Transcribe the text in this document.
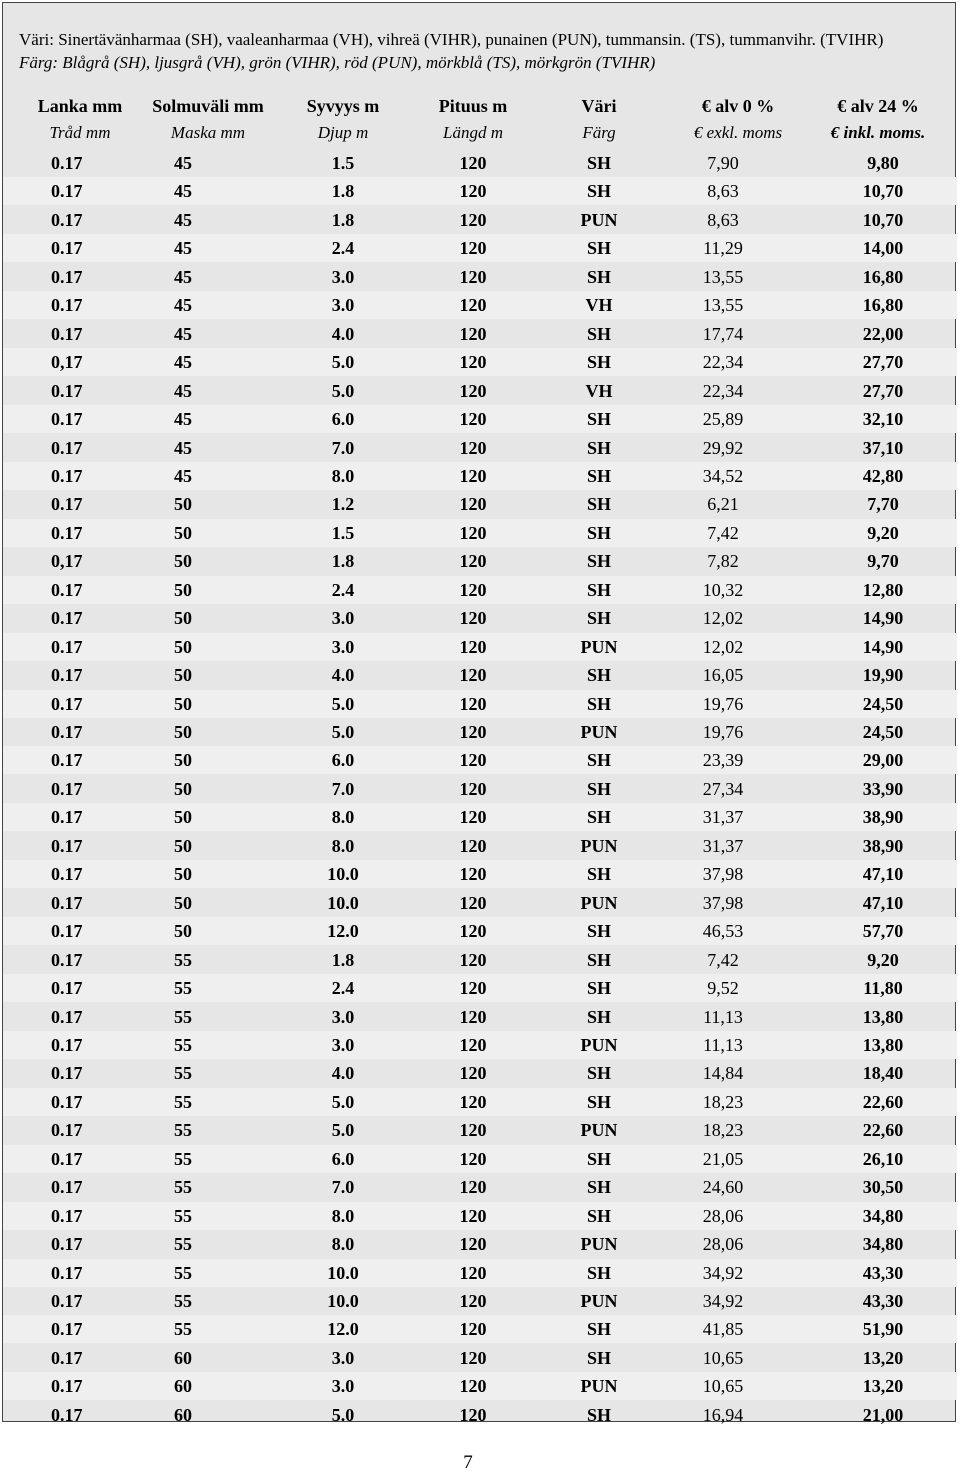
Väri: Sinertävänharmaa (SH), vaaleanharmaa (VH), vihreä (VIHR), punainen (PUN), tummansin. (TS), tummanvihr. (TVIHR)
Färg: Blågrå (SH), ljusgrå (VH), grön (VIHR), röd (PUN), mörkblå (TS), mörkgrön (TVIHR)
Lanka mm	Solmuväli mm	Syvyys m	Pituus m	Väri	€ alv 0 %	€ alv 24 %
Tråd mm	Maska mm	Djup m	Längd m	Färg	€ exkl. moms	€ inkl. moms.
0.17	45	1.5	120	SH	7,90	9,80
0.17	45	1.8	120	SH	8,63	10,70
0.17	45	1.8	120	PUN	8,63	10,70
0.17	45	2.4	120	SH	11,29	14,00
0.17	45	3.0	120	SH	13,55	16,80
0.17	45	3.0	120	VH	13,55	16,80
0.17	45	4.0	120	SH	17,74	22,00
0,17	45	5.0	120	SH	22,34	27,70
0.17	45	5.0	120	VH	22,34	27,70
0.17	45	6.0	120	SH	25,89	32,10
0.17	45	7.0	120	SH	29,92	37,10
0.17	45	8.0	120	SH	34,52	42,80
0.17	50	1.2	120	SH	6,21	7,70
0.17	50	1.5	120	SH	7,42	9,20
0,17	50	1.8	120	SH	7,82	9,70
0.17	50	2.4	120	SH	10,32	12,80
0.17	50	3.0	120	SH	12,02	14,90
0.17	50	3.0	120	PUN	12,02	14,90
0.17	50	4.0	120	SH	16,05	19,90
0.17	50	5.0	120	SH	19,76	24,50
0.17	50	5.0	120	PUN	19,76	24,50
0.17	50	6.0	120	SH	23,39	29,00
0.17	50	7.0	120	SH	27,34	33,90
0.17	50	8.0	120	SH	31,37	38,90
0.17	50	8.0	120	PUN	31,37	38,90
0.17	50	10.0	120	SH	37,98	47,10
0.17	50	10.0	120	PUN	37,98	47,10
0.17	50	12.0	120	SH	46,53	57,70
0.17	55	1.8	120	SH	7,42	9,20
0.17	55	2.4	120	SH	9,52	11,80
0.17	55	3.0	120	SH	11,13	13,80
0.17	55	3.0	120	PUN	11,13	13,80
0.17	55	4.0	120	SH	14,84	18,40
0.17	55	5.0	120	SH	18,23	22,60
0.17	55	5.0	120	PUN	18,23	22,60
0.17	55	6.0	120	SH	21,05	26,10
0.17	55	7.0	120	SH	24,60	30,50
0.17	55	8.0	120	SH	28,06	34,80
0.17	55	8.0	120	PUN	28,06	34,80
0.17	55	10.0	120	SH	34,92	43,30
0.17	55	10.0	120	PUN	34,92	43,30
0.17	55	12.0	120	SH	41,85	51,90
0.17	60	3.0	120	SH	10,65	13,20
0.17	60	3.0	120	PUN	10,65	13,20
0.17	60	5.0	120	SH	16,94	21,00
7
